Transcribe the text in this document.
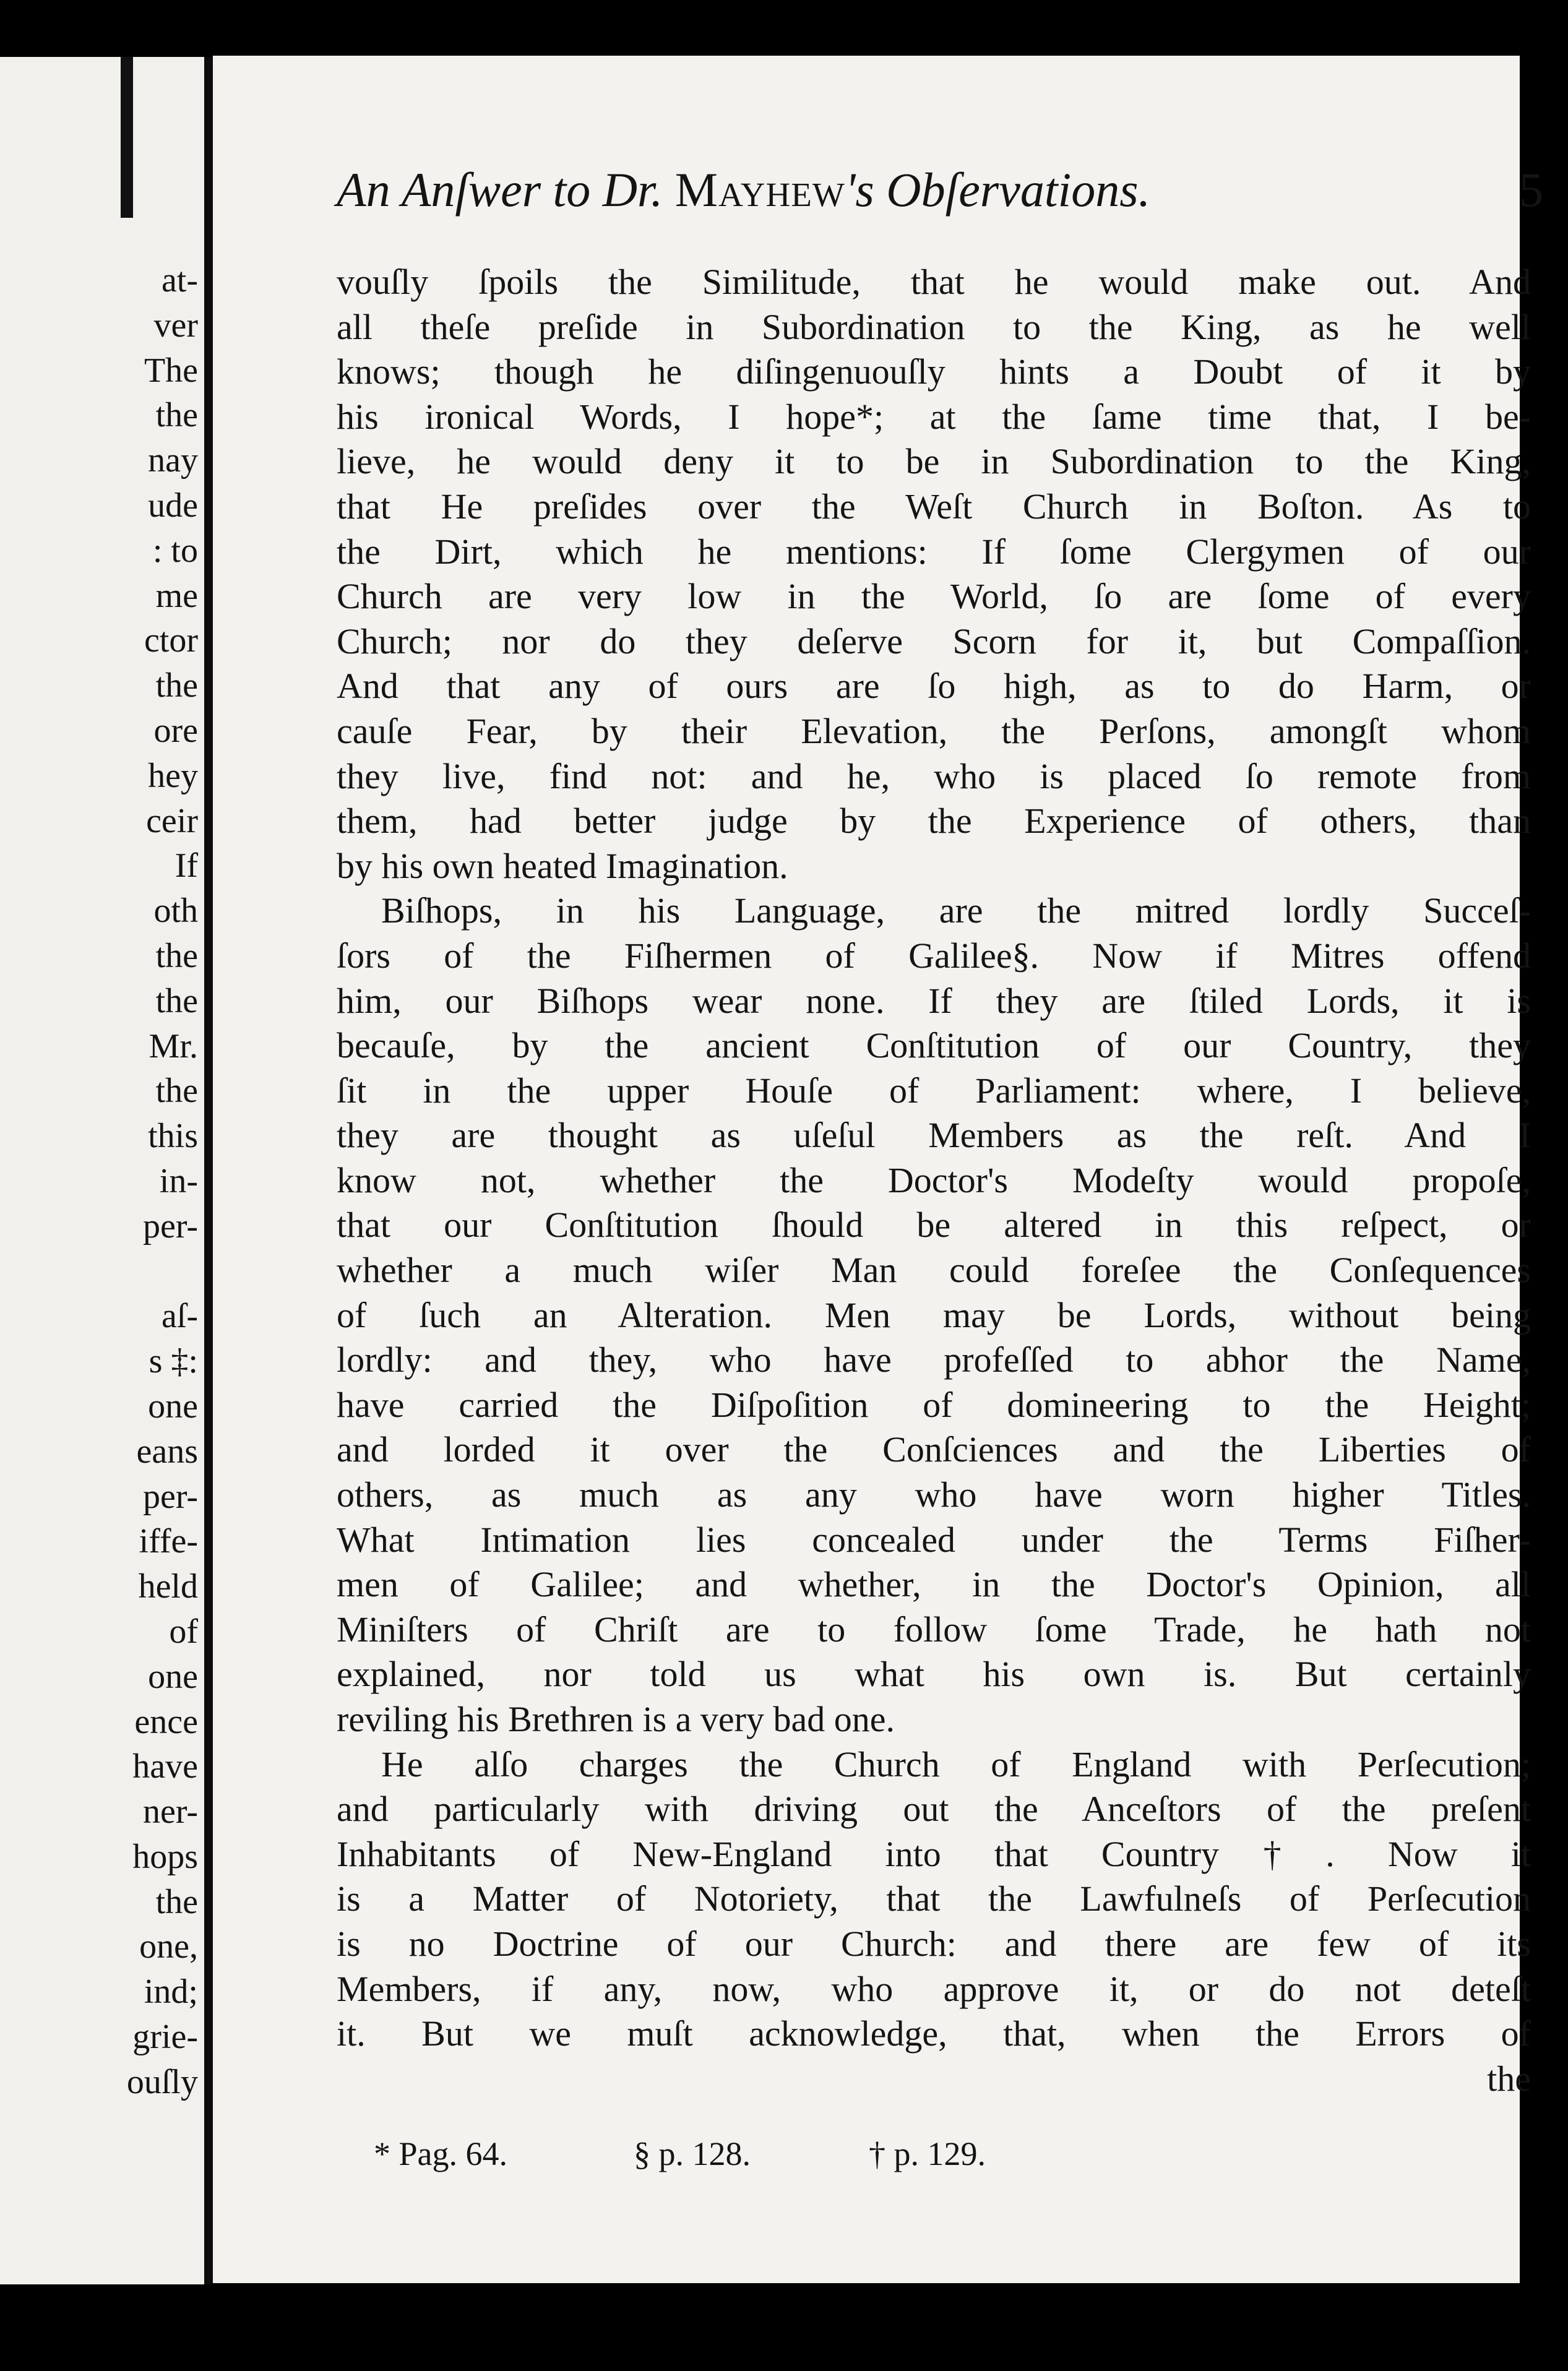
at-
ver
The
the
nay
ude
: to
me
ctor
the
ore
hey
ceir
If
oth
the
the
Mr.
the
this
in-
per-
aſ-
s ‡:
one
eans
per-
iffe-
held
of
one
ence
have
ner-
hops
the
one,
ind;
grie-
ouſly
An Anſwer to Dr. Mayhew's Obſervations.	5
vouſly ſpoils the Similitude, that he would make out. And
all theſe preſide in Subordination to the King, as he well
knows; though he diſingenuouſly hints a Doubt of it by
his ironical Words, I hope*; at the ſame time that, I be-
lieve, he would deny it to be in Subordination to the King,
that He preſides over the Weſt Church in Boſton. As to
the Dirt, which he mentions: If ſome Clergymen of our
Church are very low in the World, ſo are ſome of every
Church; nor do they deſerve Scorn for it, but Compaſſion.
And that any of ours are ſo high, as to do Harm, or
cauſe Fear, by their Elevation, the Perſons, amongſt whom
they live, find not: and he, who is placed ſo remote from
them, had better judge by the Experience of others, than
by his own heated Imagination.
Biſhops, in his Language, are the mitred lordly Succeſ-
ſors of the Fiſhermen of Galilee§. Now if Mitres offend
him, our Biſhops wear none. If they are ſtiled Lords, it is
becauſe, by the ancient Conſtitution of our Country, they
ſit in the upper Houſe of Parliament: where, I believe,
they are thought as uſeſul Members as the reſt. And I
know not, whether the Doctor's Modeſty would propoſe,
that our Conſtitution ſhould be altered in this reſpect, or
whether a much wiſer Man could foreſee the Conſequences
of ſuch an Alteration. Men may be Lords, without being
lordly: and they, who have profeſſed to abhor the Name,
have carried the Diſpoſition of domineering to the Height;
and lorded it over the Conſciences and the Liberties of
others, as much as any who have worn higher Titles.
What Intimation lies concealed under the Terms Fiſher-
men of Galilee; and whether, in the Doctor's Opinion, all
Miniſters of Chriſt are to follow ſome Trade, he hath not
explained, nor told us what his own is. But certainly
reviling his Brethren is a very bad one.
He alſo charges the Church of England with Perſecution;
and particularly with driving out the Anceſtors of the preſent
Inhabitants of New-England into that Country†. Now it
is a Matter of Notoriety, that the Lawfulneſs of Perſecution
is no Doctrine of our Church: and there are few of its
Members, if any, now, who approve it, or do not deteſt
it. But we muſt acknowledge, that, when the Errors of
the
* Pag. 64.	§ p. 128.	† p. 129.
